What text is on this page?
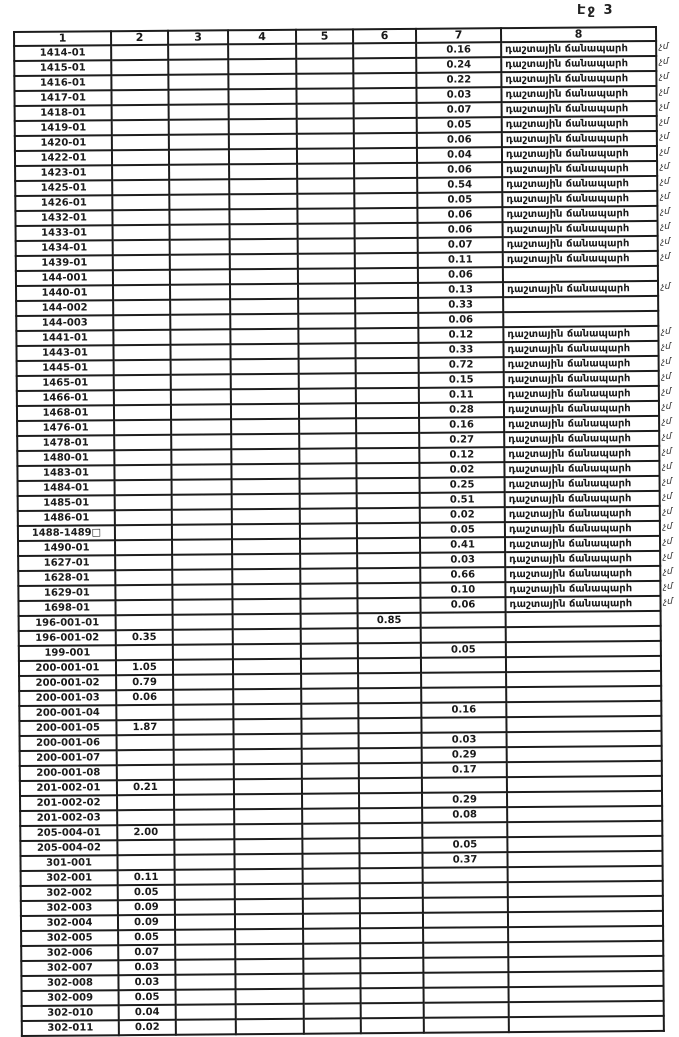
Էջ 3
1	2	3	4	5	6	7	8
1414-01						0.16	դաշտային ճանապարհ չմ

1415-01						0.24	դաշտային ճանապարհ չմ

1416-01						0.22	դաշտային ճանապարհ չմ

1417-01						0.03	դաշտային ճանապարհ չմ

1418-01						0.07	դաշտային ճանապարհ չմ

1419-01						0.05	դաշտային ճանապարհ չմ

1420-01						0.06	դաշտային ճանապարհ չմ

1422-01						0.04	դաշտային ճանապարհ չմ

1423-01						0.06	դաշտային ճանապարհ չմ

1425-01						0.54	դաշտային ճանապարհ չմ

1426-01						0.05	դաշտային ճանապարհ չմ

1432-01						0.06	դաշտային ճանապարհ չմ

1433-01						0.06	դաշտային ճանապարհ չմ

1434-01						0.07	դաշտային ճանապարհ չմ

1439-01						0.11	դաշտային ճանապարհ չմ

144-001						0.06	
1440-01						0.13	դաշտային ճանապարհ չմ

144-002						0.33	
144-003						0.06	
1441-01						0.12	դաշտային ճանապարհ չմ

1443-01						0.33	դաշտային ճանապարհ չմ

1445-01						0.72	դաշտային ճանապարհ չմ

1465-01						0.15	դաշտային ճանապարհ չմ

1466-01						0.11	դաշտային ճանապարհ չմ

1468-01						0.28	դաշտային ճանապարհ չմ

1476-01						0.16	դաշտային ճանապարհ չմ

1478-01						0.27	դաշտային ճանապարհ չմ

1480-01						0.12	դաշտային ճանապարհ չմ

1483-01						0.02	դաշտային ճանապարհ չմ

1484-01						0.25	դաշտային ճանապարհ չմ

1485-01						0.51	դաշտային ճանապարհ չմ

1486-01						0.02	դաշտային ճանապարհ չմ

1488-1489□						0.05	դաշտային ճանապարհ չմ

1490-01						0.41	դաշտային ճանապարհ չմ

1627-01						0.03	դաշտային ճանապարհ չմ

1628-01						0.66	դաշտային ճանապարհ չմ

1629-01						0.10	դաշտային ճանապարհ չմ

1698-01						0.06	դաշտային ճանապարհ չմ

196-001-01					0.85		
196-001-02	0.35						
199-001						0.05	
200-001-01	1.05						
200-001-02	0.79						
200-001-03	0.06						
200-001-04						0.16	
200-001-05	1.87						
200-001-06						0.03	
200-001-07						0.29	
200-001-08						0.17	
201-002-01	0.21						
201-002-02						0.29	
201-002-03						0.08	
205-004-01	2.00						
205-004-02						0.05	
301-001						0.37	
302-001	0.11						
302-002	0.05						
302-003	0.09						
302-004	0.09						
302-005	0.05						
302-006	0.07						
302-007	0.03						
302-008	0.03						
302-009	0.05						
302-010	0.04						
302-011	0.02						
